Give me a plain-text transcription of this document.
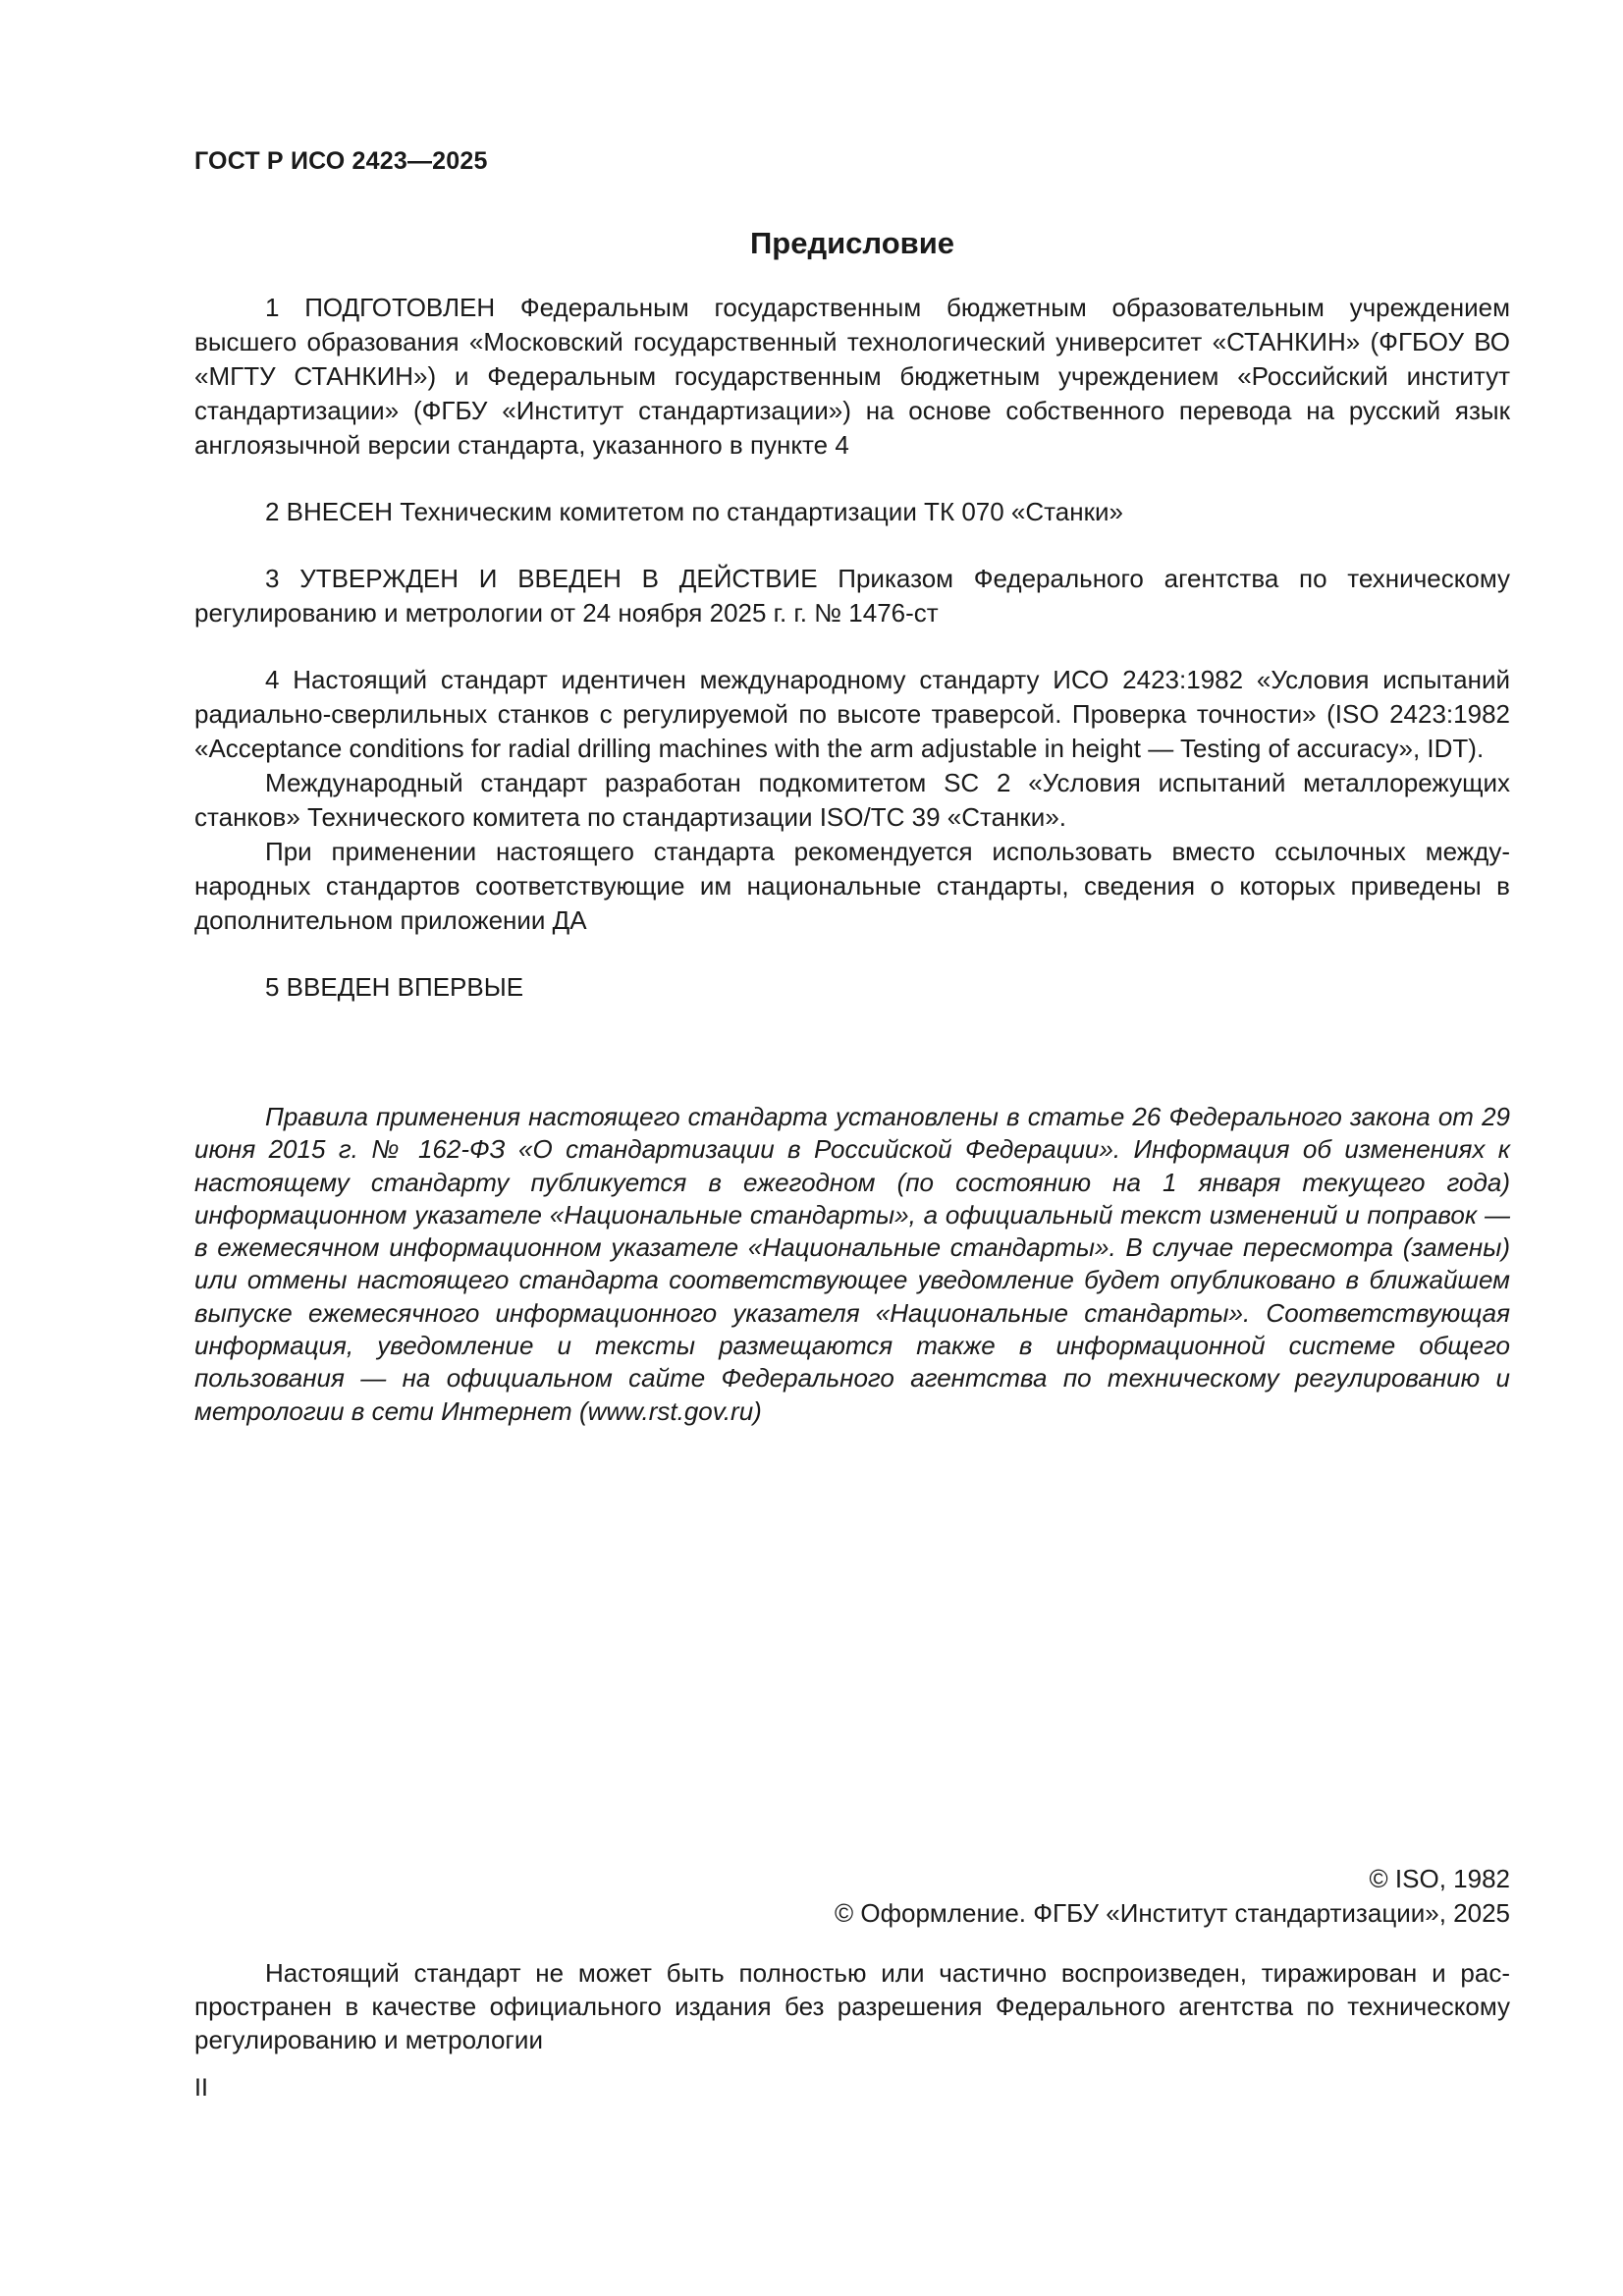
ГОСТ Р ИСО 2423—2025
Предисловие

1 ПОДГОТОВЛЕН Федеральным государственным бюджетным образовательным учреждением высшего образования «Московский государственный технологический университет «СТАНКИН» (ФГБОУ ВО «МГТУ СТАНКИН») и Федеральным государственным бюджетным учреждением «Российский институт стандартизации» (ФГБУ «Институт стандартизации») на основе собственного перевода на русский язык англоязычной версии стандарта, указанного в пункте 4

2 ВНЕСЕН Техническим комитетом по стандартизации ТК 070 «Станки»

3 УТВЕРЖДЕН И ВВЕДЕН В ДЕЙСТВИЕ Приказом Федерального агентства по техническому регулированию и метрологии от 24 ноября 2025 г. г. № 1476-ст

4 Настоящий стандарт идентичен международному стандарту ИСО 2423:1982 «Условия испытаний радиально-сверлильных станков с регулируемой по высоте траверсой. Проверка точности» (ISO 2423:1982 «Acceptance conditions for radial drilling machines with the arm adjustable in height — Testing of accuracy», IDT).

Международный стандарт разработан подкомитетом SC 2 «Условия испытаний металлорежущих станков» Технического комитета по стандартизации ISO/TC 39 «Станки».

При применении настоящего стандарта рекомендуется использовать вместо ссылочных международных стандартов соответствующие им национальные стандарты, сведения о которых приведены в дополнительном приложении ДА

5 ВВЕДЕН ВПЕРВЫЕ

Правила применения настоящего стандарта установлены в статье 26 Федерального закона от 29 июня 2015 г. № 162-ФЗ «О стандартизации в Российской Федерации». Информация об изменениях к настоящему стандарту публикуется в ежегодном (по состоянию на 1 января текущего года) информационном указателе «Национальные стандарты», а официальный текст изменений и поправок — в ежемесячном информационном указателе «Национальные стандарты». В случае пересмотра (замены) или отмены настоящего стандарта соответствующее уведомление будет опубликовано в ближайшем выпуске ежемесячного информационного указателя «Национальные стандарты». Соответствующая информация, уведомление и тексты размещаются также в информационной системе общего пользования — на официальном сайте Федерального агентства по техническому регулированию и метрологии в сети Интернет (www.rst.gov.ru)

© ISO, 1982
© Оформление. ФГБУ «Институт стандартизации», 2025

Настоящий стандарт не может быть полностью или частично воспроизведен, тиражирован и распространен в качестве официального издания без разрешения Федерального агентства по техническому регулированию и метрологии

II
